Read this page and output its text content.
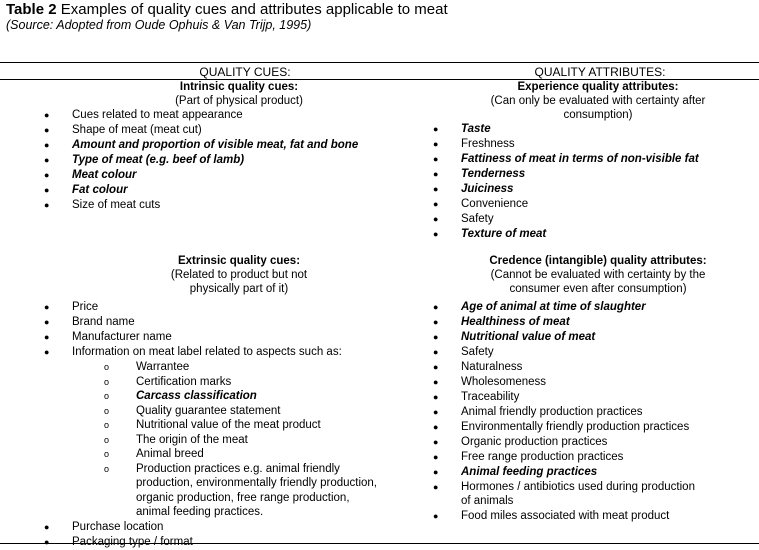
Table 2 Examples of quality cues and attributes applicable to meat
(Source: Adopted from Oude Ophuis & Van Trijp, 1995)
QUALITY CUES:	QUALITY ATTRIBUTES:
Intrinsic quality cues:
(Part of physical product)
● Cues related to meat appearance
● Shape of meat (meat cut)
● Amount and proportion of visible meat, fat and bone
● Type of meat (e.g. beef of lamb)
● Meat colour
● Fat colour
● Size of meat cuts
Extrinsic quality cues:
(Related to product but not
physically part of it)
● Price
● Brand name
● Manufacturer name
● Information on meat label related to aspects such as:
o Warrantee
o Certification marks
o Carcass classification
o Quality guarantee statement
o Nutritional value of the meat product
o The origin of the meat
o Animal breed
o Production practices e.g. animal friendly
production, environmentally friendly production,
organic production, free range production,
animal feeding practices.
● Purchase location
● Packaging type / format
Experience quality attributes:
(Can only be evaluated with certainty after
consumption)
● Taste
● Freshness
● Fattiness of meat in terms of non-visible fat
● Tenderness
● Juiciness
● Convenience
● Safety
● Texture of meat
Credence (intangible) quality attributes:
(Cannot be evaluated with certainty by the
consumer even after consumption)
● Age of animal at time of slaughter
● Healthiness of meat
● Nutritional value of meat
● Safety
● Naturalness
● Wholesomeness
● Traceability
● Animal friendly production practices
● Environmentally friendly production practices
● Organic production practices
● Free range production practices
● Animal feeding practices
● Hormones / antibiotics used during production
of animals
● Food miles associated with meat product
